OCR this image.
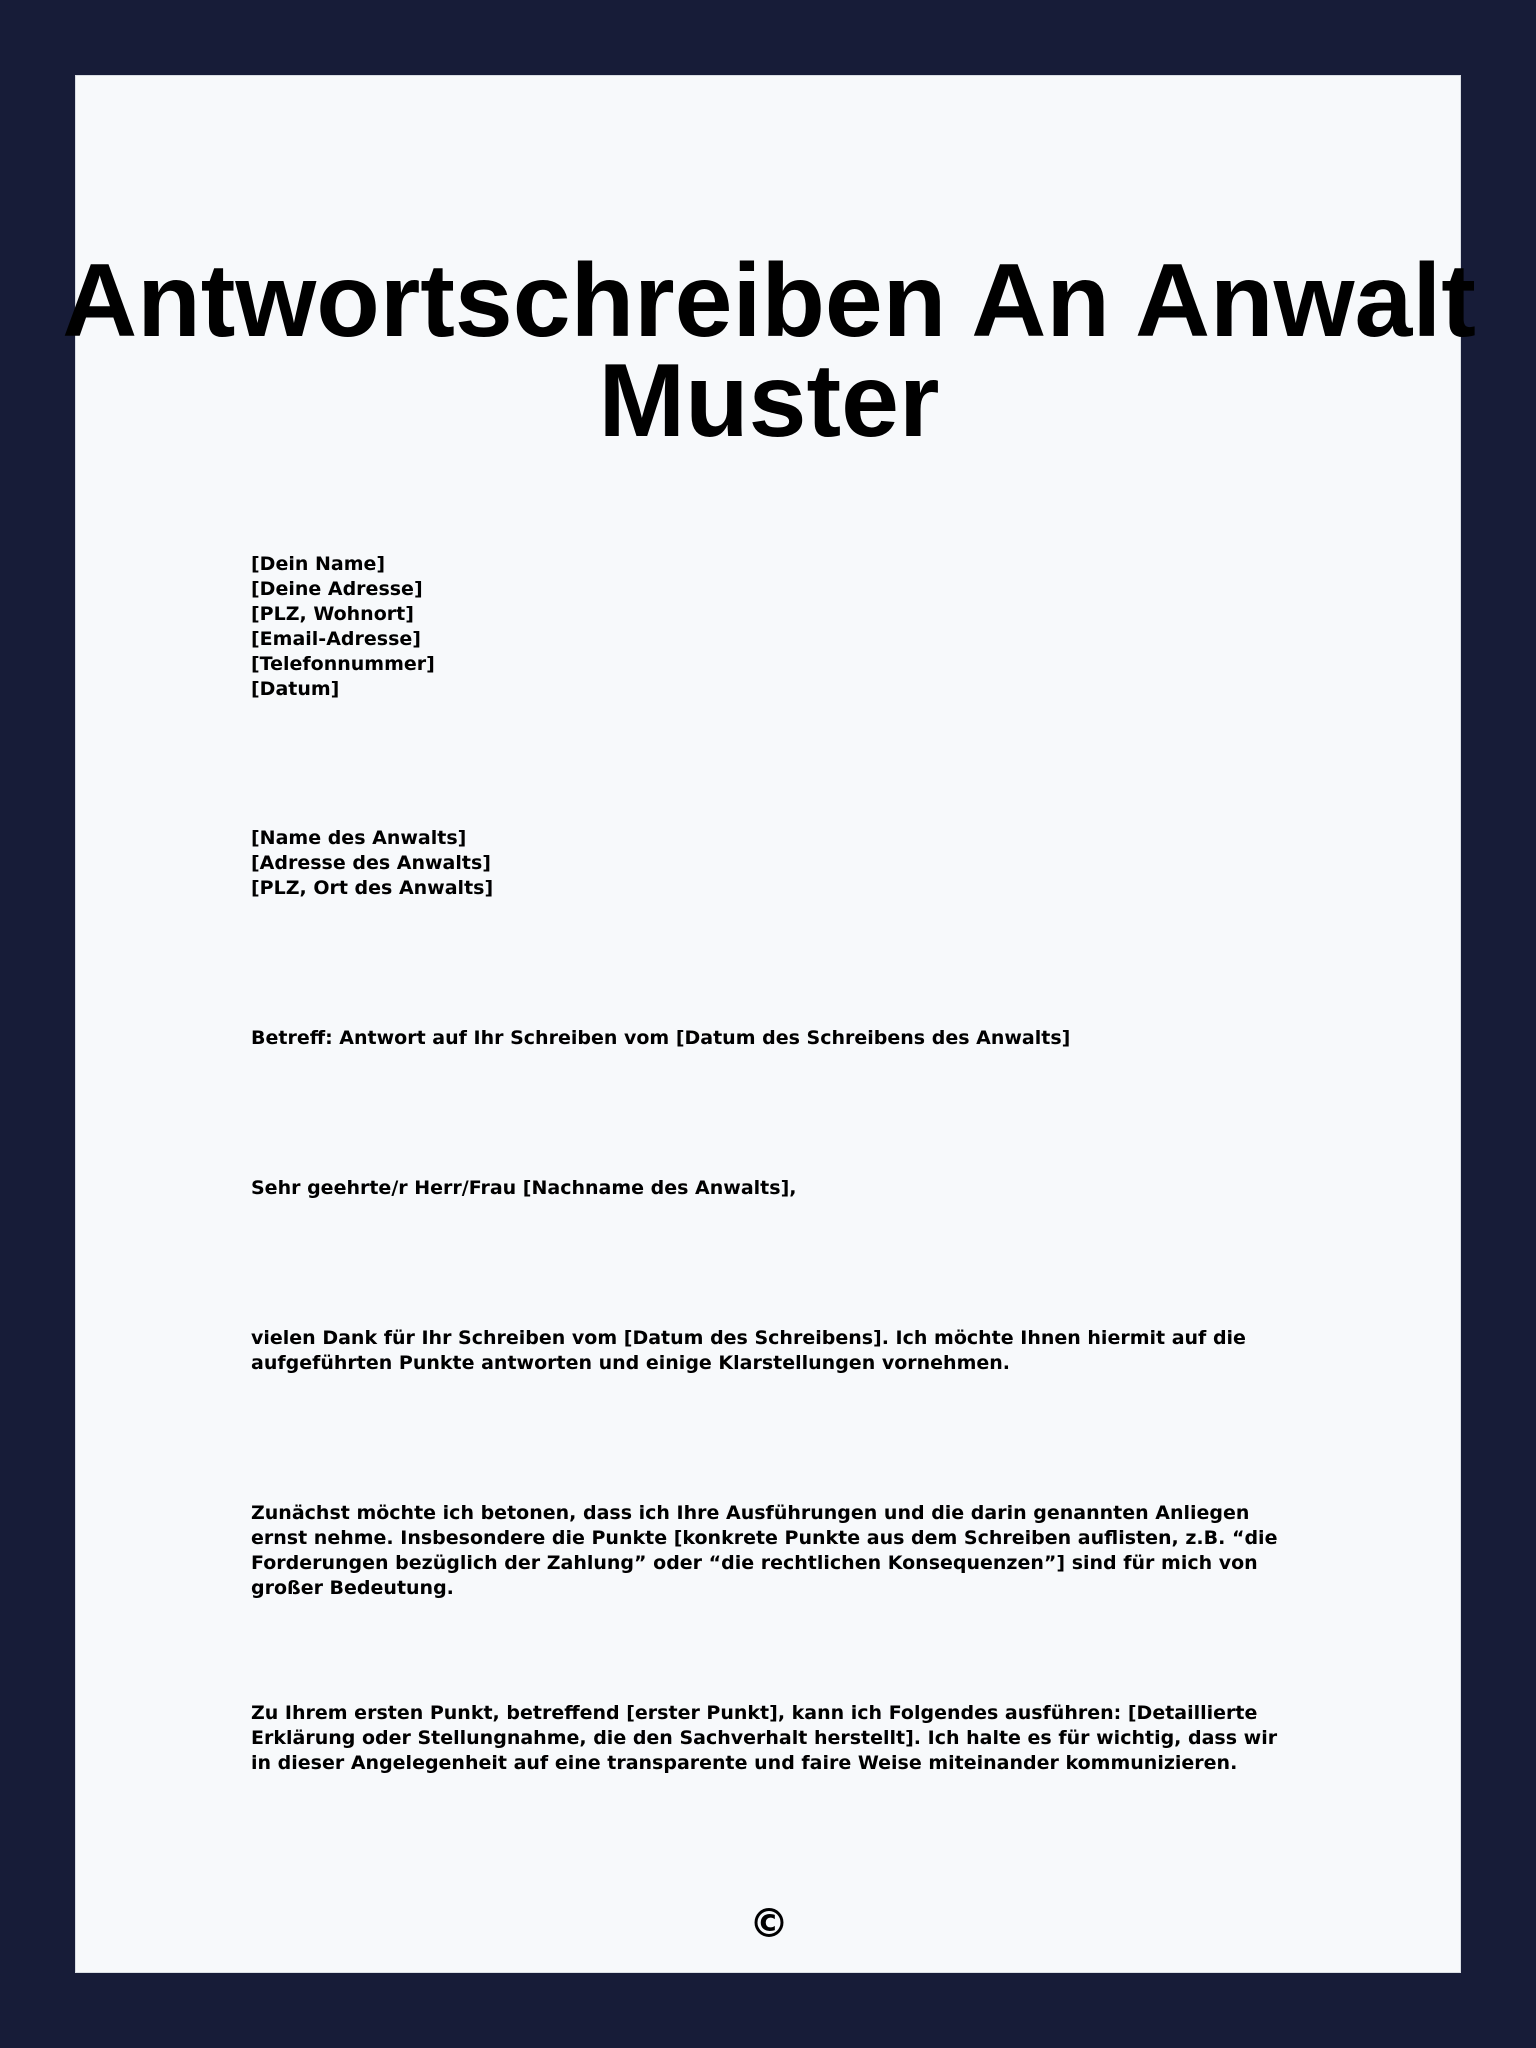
Antwortschreiben An Anwalt
Muster
[Dein Name]
[Deine Adresse]
[PLZ, Wohnort]
[Email-Adresse]
[Telefonnummer]
[Datum]
[Name des Anwalts]
[Adresse des Anwalts]
[PLZ, Ort des Anwalts]

Betreff: Antwort auf Ihr Schreiben vom [Datum des Schreibens des Anwalts]

Sehr geehrte/r Herr/Frau [Nachname des Anwalts],

vielen Dank für Ihr Schreiben vom [Datum des Schreibens]. Ich möchte Ihnen hiermit auf die aufgeführten Punkte antworten und einige Klarstellungen vornehmen.

Zunächst möchte ich betonen, dass ich Ihre Ausführungen und die darin genannten Anliegen ernst nehme. Insbesondere die Punkte [konkrete Punkte aus dem Schreiben auflisten, z.B. “die Forderungen bezüglich der Zahlung” oder “die rechtlichen Konsequenzen”] sind für mich von großer Bedeutung.

Zu Ihrem ersten Punkt, betreffend [erster Punkt], kann ich Folgendes ausführen: [Detaillierte Erklärung oder Stellungnahme, die den Sachverhalt herstellt]. Ich halte es für wichtig, dass wir in dieser Angelegenheit auf eine transparente und faire Weise miteinander kommunizieren.

©
